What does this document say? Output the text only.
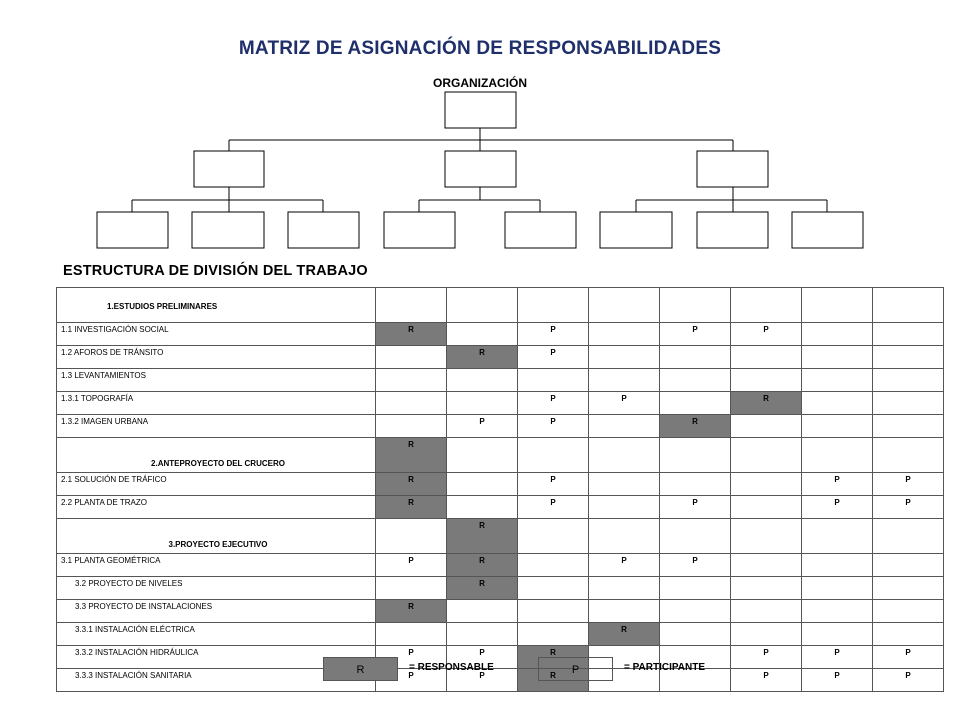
MATRIZ DE ASIGNACIÓN DE RESPONSABILIDADES
ORGANIZACIÓN
ESTRUCTURA DE DIVISIÓN DEL TRABAJO
1.ESTUDIOS PRELIMINARES								
1.1 INVESTIGACIÓN SOCIAL	R		P		P	P		
1.2 AFOROS DE TRÁNSITO		R	P					
1.3 LEVANTAMIENTOS								
1.3.1 TOPOGRAFÍA			P	P		R		
1.3.2 IMAGEN URBANA		P	P		R			
2.ANTEPROYECTO DEL CRUCERO	R							
2.1 SOLUCIÓN DE TRÁFICO	R		P				P	P
2.2 PLANTA DE TRAZO	R		P		P		P	P
3.PROYECTO EJECUTIVO		R						
3.1 PLANTA GEOMÉTRICA	P	R		P	P			
3.2 PROYECTO DE NIVELES		R						
3.3 PROYECTO DE INSTALACIONES	R							
3.3.1 INSTALACIÓN ELÉCTRICA				R				
3.3.2 INSTALACIÓN HIDRÁULICA	P	P	R			P	P	P
3.3.3 INSTALACIÓN SANITARIA	P	P	R			P	P	P
R	= RESPONSABLE	P	= PARTICIPANTE
